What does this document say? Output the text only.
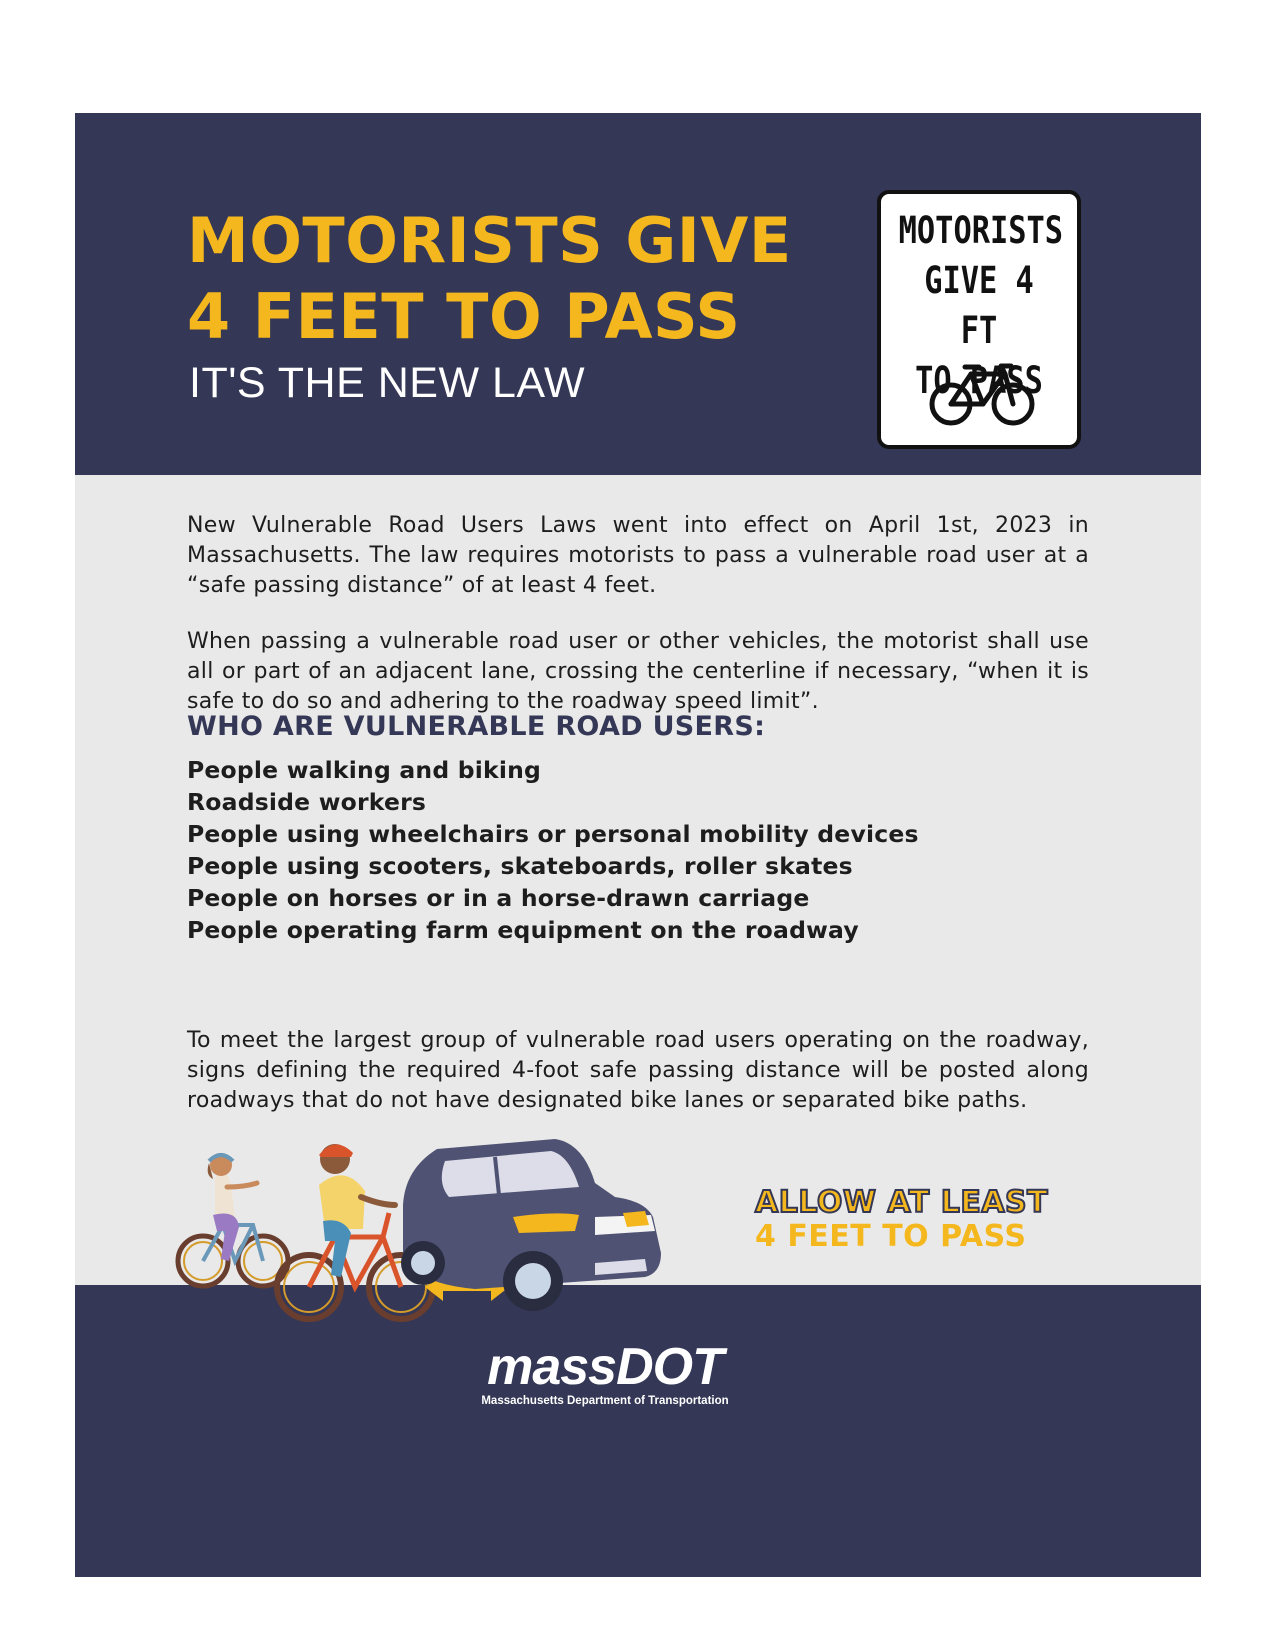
MOTORISTS GIVE
4 FEET TO PASS
IT'S THE NEW LAW
MOTORISTS
GIVE 4 FT
TO PASS
New Vulnerable Road Users Laws went into effect on April 1st, 2023 in Massachusetts. The law requires motorists to pass a vulnerable road user at a “safe passing distance” of at least 4 feet.
When passing a vulnerable road user or other vehicles, the motorist shall use all or part of an adjacent lane, crossing the centerline if necessary, “when it is safe to do so and adhering to the roadway speed limit”.
WHO ARE VULNERABLE ROAD USERS:
People walking and biking
Roadside workers
People using wheelchairs or personal mobility devices
People using scooters, skateboards, roller skates
People on horses or in a horse-drawn carriage
People operating farm equipment on the roadway
To meet the largest group of vulnerable road users operating on the roadway, signs defining the required 4-foot safe passing distance will be posted along roadways that do not have designated bike lanes or separated bike paths.
ALLOW AT LEAST
4 FEET TO PASS
massDOT
Massachusetts Department of Transportation
